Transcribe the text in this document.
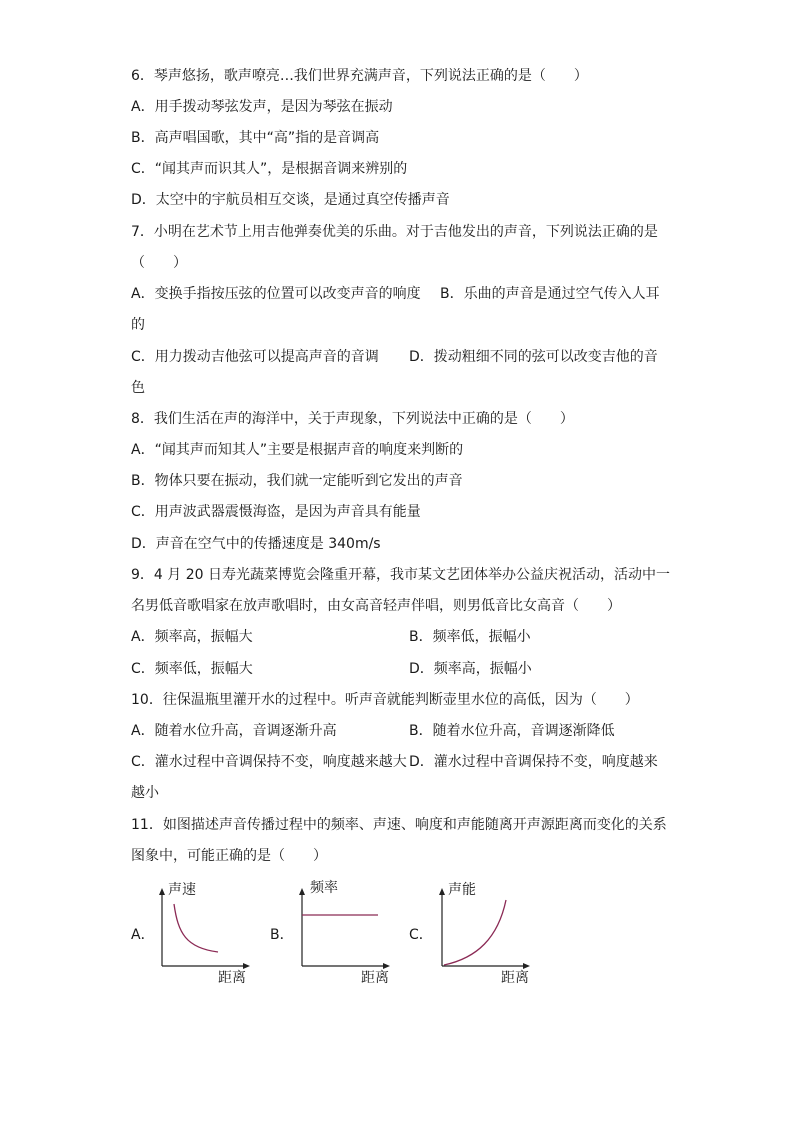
6．琴声悠扬，歌声嘹亮…我们世界充满声音，下列说法正确的是（　　）
A．用手拨动琴弦发声，是因为琴弦在振动
B．高声唱国歌，其中“高”指的是音调高
C．“闻其声而识其人”，是根据音调来辨别的
D．太空中的宇航员相互交谈，是通过真空传播声音
7．小明在艺术节上用吉他弹奏优美的乐曲。对于吉他发出的声音，下列说法正确的是
（　　）
A．变换手指按压弦的位置可以改变声音的响度 B．乐曲的声音是通过空气传入人耳
的
C．用力拨动吉他弦可以提高声音的音调 D．拨动粗细不同的弦可以改变吉他的音
色
8．我们生活在声的海洋中，关于声现象，下列说法中正确的是（　　）
A．“闻其声而知其人”主要是根据声音的响度来判断的
B．物体只要在振动，我们就一定能听到它发出的声音
C．用声波武器震慑海盗，是因为声音具有能量
D．声音在空气中的传播速度是 340m/s
9．4 月 20 日寿光蔬菜博览会隆重开幕，我市某文艺团体举办公益庆祝活动，活动中一
名男低音歌唱家在放声歌唱时，由女高音轻声伴唱，则男低音比女高音（　　）
A．频率高，振幅大	B．频率低，振幅小
C．频率低，振幅大	D．频率高，振幅小
10．往保温瓶里灌开水的过程中。听声音就能判断壶里水位的高低，因为（　　）
A．随着水位升高，音调逐渐升高	B．随着水位升高，音调逐渐降低
C．灌水过程中音调保持不变，响度越来越大 D．灌水过程中音调保持不变，响度越来
越小
11．如图描述声音传播过程中的频率、声速、响度和声能随离开声源距离而变化的关系
图象中，可能正确的是（　　）
A．	B．	C．
声速
距离
频率
距离
声能
距离
